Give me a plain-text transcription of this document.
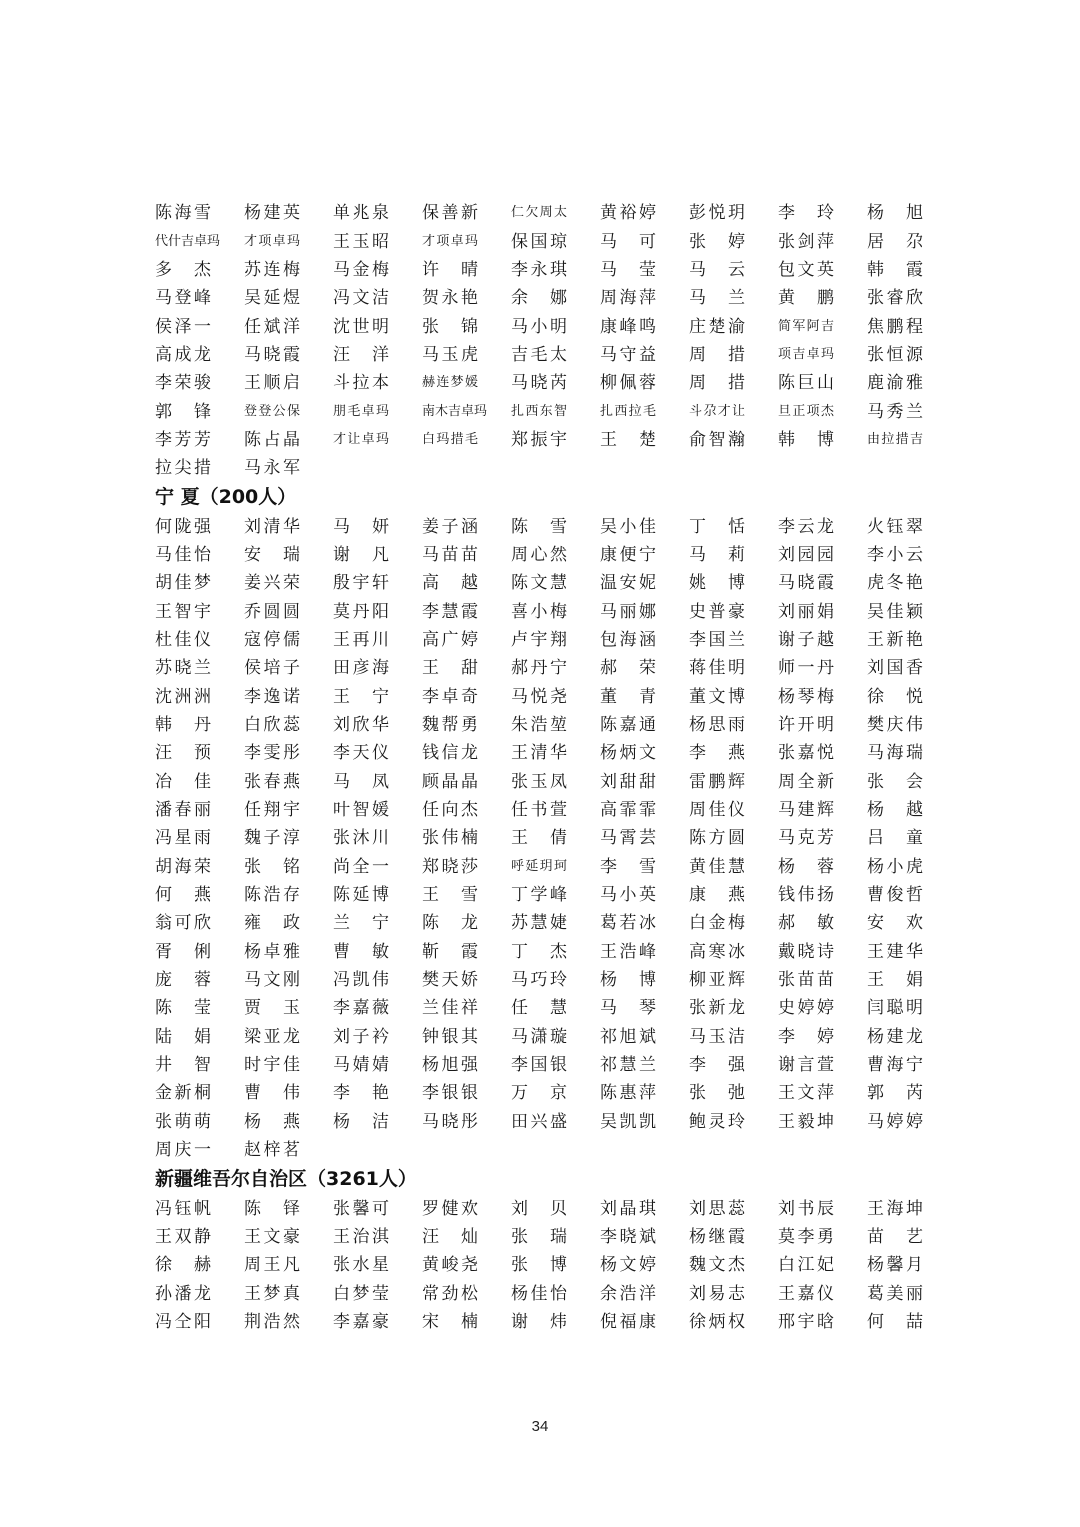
陈海雪 杨建英 单兆泉 保善新	仁欠周太 黄裕婷 彭悦玥 李玲 杨旭
代什吉卓玛 才项卓玛 王玉昭	才项卓玛 保国琼 马可 张婷 张剑萍 居尕
多杰 苏连梅 马金梅 许晴 李永琪 马莹 马云 包文英 韩霞
马登峰 吴延煜 冯文洁 贺永艳 余娜 周海萍 马兰 黄鹏 张睿欣
侯泽一 任斌洋 沈世明 张锦 马小明 康峰鸣 庄楚渝	简军阿吉 焦鹏程
高成龙 马晓霞 汪洋 马玉虎 吉毛太 马守益 周措	项吉卓玛 张恒源
李荣骏 王顺启 斗拉本	赫连梦媛 马晓芮 柳佩蓉 周措 陈巨山 鹿渝雅
郭锋	登登公保	朋毛卓玛	南木吉卓玛 扎西东智	扎西拉毛	斗尕才让	旦正项杰 马秀兰
李芳芳 陈占晶	才让卓玛	白玛措毛 郑振宇 王楚 俞智瀚 韩博	由拉措吉
拉尖措 马永军
宁 夏（200人）
何陇强 刘清华 马妍 姜子涵 陈雪 吴小佳 丁恬 李云龙 火钰翠
马佳怡 安瑞 谢凡 马苗苗 周心然 康便宁 马莉 刘园园 李小云
胡佳梦 姜兴荣 殷宇轩 高越 陈文慧 温安妮 姚博 马晓霞 虎冬艳
王智宇 乔圆圆 莫丹阳 李慧霞 喜小梅 马丽娜 史普豪 刘丽娟 吴佳颖
杜佳仪 寇停儒 王再川 高广婷 卢宇翔 包海涵 李国兰 谢子越 王新艳
苏晓兰 侯培子 田彦海 王甜 郝丹宁 郝荣 蒋佳明 师一丹 刘国香
沈洲洲 李逸诺 王宁 李卓奇 马悦尧 董青 董文博 杨琴梅 徐悦
韩丹 白欣蕊 刘欣华 魏帮勇 朱浩堃 陈嘉通 杨思雨 许开明 樊庆伟
汪预 李雯彤 李天仪 钱信龙 王清华 杨炳文 李燕 张嘉悦 马海瑞
冶佳 张春燕 马凤 顾晶晶 张玉凤 刘甜甜 雷鹏辉 周全新 张会
潘春丽 任翔宇 叶智媛 任向杰 任书萱 高霏霏 周佳仪 马建辉 杨越
冯星雨 魏子淳 张沐川 张伟楠 王倩 马霄芸 陈方圆 马克芳 吕童
胡海荣 张铭 尚全一 郑晓莎	呼延玥珂 李雪 黄佳慧 杨蓉 杨小虎
何燕 陈浩存 陈延博 王雪 丁学峰 马小英 康燕 钱伟扬 曹俊哲
翁可欣 雍政 兰宁 陈龙 苏慧婕 葛若冰 白金梅 郝敏 安欢
胥俐 杨卓雅 曹敏 靳霞 丁杰 王浩峰 高寒冰 戴晓诗 王建华
庞蓉 马文刚 冯凯伟 樊天娇 马巧玲 杨博 柳亚辉 张苗苗 王娟
陈莹 贾玉 李嘉薇 兰佳祥 任慧 马琴 张新龙 史婷婷 闫聪明
陆娟 梁亚龙 刘子衿 钟银其 马潇璇 祁旭斌 马玉洁 李婷 杨建龙
井智 时宇佳 马婧婧 杨旭强 李国银 祁慧兰 李强 谢言萱 曹海宁
金新桐 曹伟 李艳 李银银 万京 陈惠萍 张弛 王文萍 郭芮
张萌萌 杨燕 杨洁 马晓彤 田兴盛 吴凯凯 鲍灵玲 王毅坤 马婷婷
周庆一 赵梓茗
新疆维吾尔自治区（3261人）
冯钰帆 陈铎 张馨可 罗健欢 刘贝 刘晶琪 刘思蕊 刘书辰 王海坤
王双静 王文豪 王治淇 汪灿 张瑞 李晓斌 杨继霞 莫李勇 苗艺
徐赫 周王凡 张水星 黄峻尧 张博 杨文婷 魏文杰 白江妃 杨馨月
孙潘龙 王梦真 白梦莹 常劲松 杨佳怡 余浩洋 刘易志 王嘉仪 葛美丽
冯仝阳 荆浩然 李嘉豪 宋楠 谢炜 倪福康 徐炳权 邢宇晗 何喆
34
